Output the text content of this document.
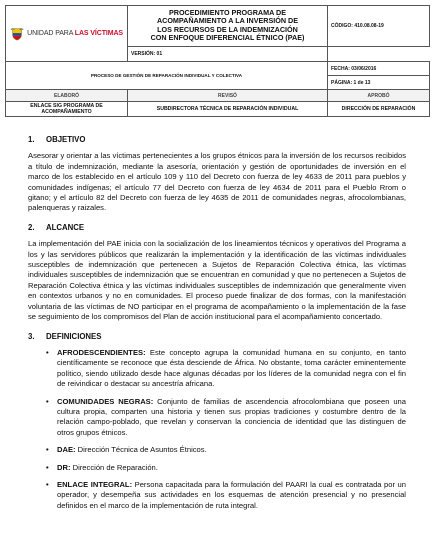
UNIDAD PARA LAS VÍCTIMAS	PROCEDIMIENTO PROGRAMA DE
ACOMPAÑAMIENTO A LA INVERSIÓN DE
LOS RECURSOS DE LA INDEMNIZACIÓN
CON ENFOQUE DIFERENCIAL ÉTNICO (PAE)	CÓDIGO: 410.08.08-19
	VERSIÓN: 01	
PROCESO DE GESTIÓN DE REPARACIÓN INDIVIDUAL Y COLECTIVA		FECHA: 03/06/2016
		PÁGINA: 1 de 13
ELABORÓ	REVISÓ	APROBÓ
ENLACE SIG PROGRAMA DE ACOMPAÑAMIENTO	SUBDIRECTORA TÉCNICA DE REPARACIÓN INDIVIDUAL	DIRECCIÓN DE REPARACIÓN
1. OBJETIVO

Asesorar y orientar a las víctimas pertenecientes a los grupos étnicos para la inversión de los recursos recibidos a título de indemnización, mediante la asesoría, orientación y gestión de oportunidades de inversión en el marco de los establecido en el artículo 109 y 110 del Decreto con fuerza de ley 4633 de 2011 para pueblos y comunidades indígenas; el artículo 77 del Decreto con fuerza de ley 4634 de 2011 para el Pueblo Rrom o gitano; y el artículo 82 del Decreto con fuerza de ley 4635 de 2011 de comunidades negras, afrocolombianas, palenqueras y raizales.

2. ALCANCE

La implementación del PAE inicia con la socialización de los lineamientos técnicos y operativos del Programa a los y las servidores públicos que realizarán la implementación y la identificación de las víctimas individuales susceptibles de indemnización que pertenecen a Sujetos de Reparación Colectiva étnica, las víctimas individuales susceptibles de indemnización que se encuentran en comunidad y que no pertenecen a Sujetos de Reparación Colectiva étnica y las víctimas individuales susceptibles de indemnización que generalmente viven en contextos urbanos y no en comunidades. El proceso puede finalizar de dos formas, con la manifestación voluntaria de las víctimas de NO participar en el programa de acompañamiento o la implementación de la fase se seguimiento de los compromisos del Plan de acción institucional para el acompañamiento concertado.

3. DEFINICIONES
•	AFRODESCENDIENTES: Este concepto agrupa la comunidad humana en su conjunto, en tanto científicamente se reconoce que ésta desciende de África. No obstante, toma carácter eminentemente político, siendo utilizado desde hace algunas décadas por los líderes de la comunidad negra con el fin de reivindicar o destacar su ancestría africana.
•	COMUNIDADES NEGRAS: Conjunto de familias de ascendencia afrocolombiana que poseen una cultura propia, comparten una historia y tienen sus propias tradiciones y costumbre dentro de la relación campo-poblado, que revelan y conservan la conciencia de identidad que las distinguen de otros grupos étnicos.
•	DAE: Dirección Técnica de Asuntos Étnicos.
•	DR: Dirección de Reparación.
•	ENLACE INTEGRAL: Persona capacitada para la formulación del PAARI la cual es contratada por un operador, y desempeña sus actividades en los esquemas de atención presencial y no presencial definidos en el marco de la implementación de ruta integral.
